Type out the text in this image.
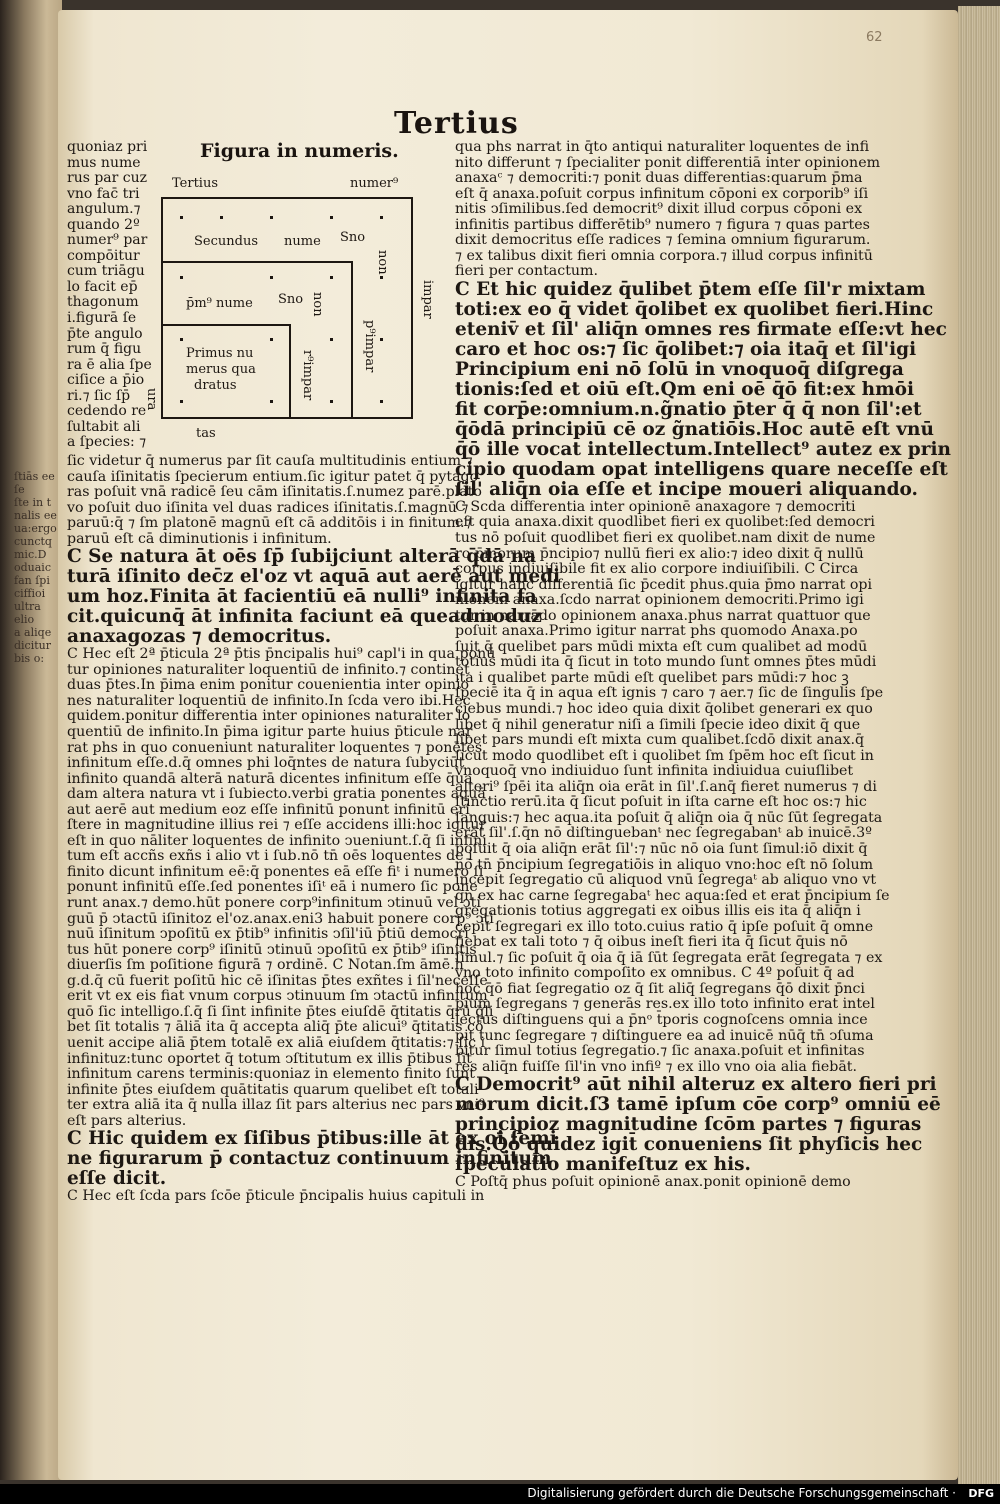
ſtiās ee ſe
ſte in t
nalis ee
ua:ergo
cunctq
mic.D
oduaic
fan ſpi
ciffioi
ultra elio
a aliqe
dicitur
bis o:
62
Tertius

quoniaz pri

mus nume

rus par cuz

vno fac̄ tri

angulum.⁊

quando 2º

numer⁹ par

compōitur

cum triāgu

lo facit ep̄

thagonum

i.figurā ſe

p̄te angulo

rum q̄ figu

ra ē alia ſpe

ciſice a p̄io

ri.⁊ ſic ſp̄

cedendo re

ſultabit ali

a ſpecies: ⁊

Figura in numeris.
Tertius	numer⁹
Secundus nume Sno
non
impar
p̄m⁹ nume Sno non
p⁹impar
Primus nu
merus qua
dratus	r⁹impar
tas
ura

ſic videtur q̄ numerus par ſit cauſa multitudinis entium ⁊

cauſa iſinitatis ſpecierum entium.ſic igitur patet q̄ pytago

ras poſuit vnā radicē ſeu cām iſinitatis.ſ.numez parē.plato

vo poſuit duo iſinita vel duas radices iſinitatis.ſ.magnū ⁊

paruū:q̄ ⁊ ſm platonē magnū eſt cā additōis i in finitum.⁊

paruū eſt cā diminutionis i infinitum.

C Se natura āt oēs ſp̄ ſubijciunt alterā q̄dā na

turā iſinito dec̄z el'oz vt aquā aut aerē aut medi

um hoz.Finita āt facientiū eā nulli⁹ infinita fa

cit.quicunq̄ āt infinita faciunt eā queadmoduz

anaxagozas ⁊ democritus.

C Hec eſt 2ª p̄ticula 2ª p̄tis p̄ncipalis hui⁹ capl'i in qua ponū

tur opiniones naturaliter loquentiū de infinito.⁊ continet

duas p̄tes.In p̄ima enim ponitur couenientia inter opinio

nes naturaliter loquentiū de infinito.In ſcda vero ibi.Hec

quidem.ponitur differentia inter opiniones naturaliter lo

quentiū de infinito.In p̄ima igitur parte huius p̄ticule nar

rat phs in quo conueniunt naturaliter loquentes ⁊ ponētes

infinitum eſſe.d.q̄ omnes phi loq̄ntes de natura ſubyciūt

infinito quandā alterā naturā dicentes infinitum eſſe q̄ua

dam altera natura vt i ſubiecto.verbi gratia ponentes aquā

aut aerē aut medium eoz eſſe infinitū ponunt infinitū eri

ſtere in magnitudine illius rei ⁊ eſſe accidens illi:hoc igitur

eſt in quo nāliter loquentes de infinito ↄueniunt.ſ.q̄ ſi infini

tum eſt accñs exñs i alio vt i ſub.nō tn̄ oēs loquentes de i

finito dicunt infinitum eē:q̄ ponentes eā eſſe fiᵗ i numero ſi

ponunt infinitū eſſe.ſed ponentes iſiᵗ eā i numero ſic pone

runt anax.⁊ demo.hūt ponere corp⁹infinitum ↄtinuū vel ↄti

guū p̄ ↄtactū iſinitoz el'oz.anax.eni3 habuit ponere corp⁹ ↄti

nuū iſinitum ↄpoſitū ex p̄tib⁹ infinitis ↄſil'iū p̄tiū democri

tus hūt ponere corp⁹ iſinitū ↄtinuū ↄpoſitū ex p̄tib⁹ iſinitis

diuerſis ſm poſitione figurā ⁊ ordinē. C Notan.ſm āmē.h

g.d.q̄ cū fuerit poſitū hic cē iſinitas p̄tes exñtes i ſil'neceſſe

erit vt ex eis fiat vnum corpus ↄtinuum ſm ↄtactū infinitum

quō ſic intelligo.ſ.q̄ ſi ſint infinite p̄tes eiuſdē q̄titatis q̄rū q̄li

bet ſit totalis ⁊ āliā ita q̄ accepta aliq̄ p̄te alicui⁹ q̄titatis cō

uenit accipe aliā p̄tem totalē ex aliā eiuſdem q̄titatis:⁊ ſic i

infinituz:tunc oportet q̄ totum ↄſtitutum ex illis p̄tibus ſit

infinitum carens terminis:quoniaz in elemento finito ſunt

infinite p̄tes eiuſdem quātitatis quarum quelibet eſt totali

ter extra aliā ita q̄ nulla illaz ſit pars alterius nec pars vni⁹

eſt pars alterius.

C Hic quidem ex ſiſibus p̄tibus:ille āt ex oi ſemi

ne figurarum p̄ contactuz continuum infinitum

eſſe dicit.

C Hec eſt ſcda pars ſcōe p̄ticule p̄ncipalis huius capituli in

qua phs narrat in q̄to antiqui naturaliter loquentes de infi

nito differunt ⁊ ſpecialiter ponit differentiā inter opinionem

anaxaᶜ ⁊ democriti:⁊ ponit duas differentias:quarum p̄ma

eſt q̄ anaxa.poſuit corpus infinitum cōponi ex corporib⁹ iſi

nitis ↄſimilibus.ſed democrit⁹ dixit illud corpus cōponi ex

infinitis partibus differētib⁹ numero ⁊ figura ⁊ quas partes

dixit democritus eſſe radices ⁊ ſemina omnium figurarum.

⁊ ex talibus dixit fieri omnia corpora.⁊ illud corpus infinitū

fieri per contactum.

C Et hic quidez q̄ulibet p̄tem eſſe ſil'r mixtam

toti:ex eo q̄ videt q̄olibet ex quolibet fieri.Hinc

eteniv̄ et ſil' aliq̄n omnes res firmate eſſe:vt hec

caro et hoc os:⁊ ſic q̄olibet:⁊ oia itaq̄ et ſil'igi

Principium eni nō ſolū in vnoquoq̄ diſgrega

tionis:ſed et oiū eſt.Qm eni oē q̄ō fit:ex hmōi

fit corp̄e:omnium.n.g̃natio p̄ter q̄ q̄ non ſil':et

q̄ōdā principiū cē oz g̃natiōis.Hoc autē eſt vnū

q̄ō ille vocat intellectum.Intellect⁹ autez ex prin

cipio quodam opat intelligens quare neceſſe eſt

ſil' aliq̄n oia eſſe et incipe moueri aliquando.

C Scda differentia inter opinionē anaxagore ⁊ democriti

eſt quia anaxa.dixit quodlibet fieri ex quolibet:ſed democri

tus nō poſuit quodlibet fieri ex quolibet.nam dixit de nume

ro p̄morum p̄ncipio⁊ nullū fieri ex alio:⁊ ideo dixit q̄ nullū

corpus indiuiſibile fit ex alio corpore indiuiſibili. C Circa

igitur hanc differentiā ſic p̄cedit phus.quia p̄mo narrat opi

nionem anaxa.ſcdo narrat opinionem democriti.Primo igi

tur in narrādo opinionem anaxa.phus narrat quattuor que

poſuit anaxa.Primo igitur narrat phs quomodo Anaxa.po

ſuit q̄ quelibet pars mūdi mixta eſt cum qualibet ad modū

totius mūdi ita q̄ ſicut in toto mundo ſunt omnes p̄tes mūdi

ita i qualibet parte mūdi eſt quelibet pars mūdi:⁊ hoc ꝫ

ſpeciē ita q̄ in aqua eſt ignis ⁊ caro ⁊ aer.⁊ ſic de ſingulis ſpe

ciebus mundi.⁊ hoc ideo quia dixit q̄olibet generari ex quo

libet q̄ nihil generatur niſi a ſimili ſpecie ideo dixit q̄ que

libet pars mundi eſt mixta cum qualibet.ſcdō dixit anax.q̄

ſicut modo quodlibet eſt i quolibet ſm ſpēm hoc eſt ſicut in

vnoquoq̄ vno indiuiduo ſunt infinita indiuidua cuiuſlibet

alteri⁹ ſpēi ita aliq̄n oia erāt in ſil'.ſ.anq̄ fieret numerus ⁊ di

ſtinctio rerū.ita q̄ ſicut poſuit in iſta carne eſt hoc os:⁊ hic

ſanguis:⁊ hec aqua.ita poſuit q̄ aliq̄n oia q̄ nūc ſūt ſegregata

erāt ſil'.ſ.q̄n nō diſtinguebanᵗ nec ſegregabanᵗ ab inuicē.3º

poſuit q̄ oia aliq̄n erāt ſil':⁊ nūc nō oia ſunt ſimul:iō dixit q̄

nō tn̄ p̄ncipium ſegregatiōis in aliquo vno:hoc eſt nō ſolum

incepit ſegregatio cū aliquod vnū ſegregaᵗ ab aliquo vno vt

q̄n ex hac carne ſegregabaᵗ hec aqua:ſed et erat p̄ncipium ſe

gregationis totius aggregati ex oibus illis eis ita q̄ aliq̄n i

cepit ſegregari ex illo toto.cuius ratio q̄ ipſe poſuit q̄ omne

fiebat ex tali toto ⁊ q̄ oibus ineſt fieri ita q̄ ſicut q̄uis nō

ſimul.⁊ ſic poſuit q̄ oia q̄ iā ſūt ſegregata erāt ſegregata ⁊ ex

vno toto infinito compoſito ex omnibus. C 4º poſuit q̄ ad

hoc q̄ō fiat ſegregatio oz q̄ ſit aliq̄ ſegregans q̄ō dixit p̄nci

pium ſegregans ⁊ generās res.ex illo toto infinito erat intel

lectus diſtinguens qui a p̄nᵒ t̄poris cognoſcens omnia ince

pit tunc ſegregare ⁊ diſtinguere ea ad inuicē nūq̄ tn̄ ↄſuma

bitur ſimul totius ſegregatio.⁊ ſic anaxa.poſuit et infinitas

res aliq̄n fuiſſe ſil'in vno infiº ⁊ ex illo vno oia alia fiebāt.

C Democrit⁹ aūt nihil alteruz ex altero fieri pri

morum dicit.ſ3 tamē ipſum cōe corp⁹ omniū eē

principioz magnitudine ſcōm partes ⁊ figuras

dīs.Q̄ō quidez igit̄ conueniens ſit phyſicis hec

ſpeculatio manifeſtuz ex his.

C Poſtq̄ phus poſuit opinionē anax.ponit opinionē demo

Digitalisierung gefördert durch die Deutsche Forschungsgemeinschaft · DFG
